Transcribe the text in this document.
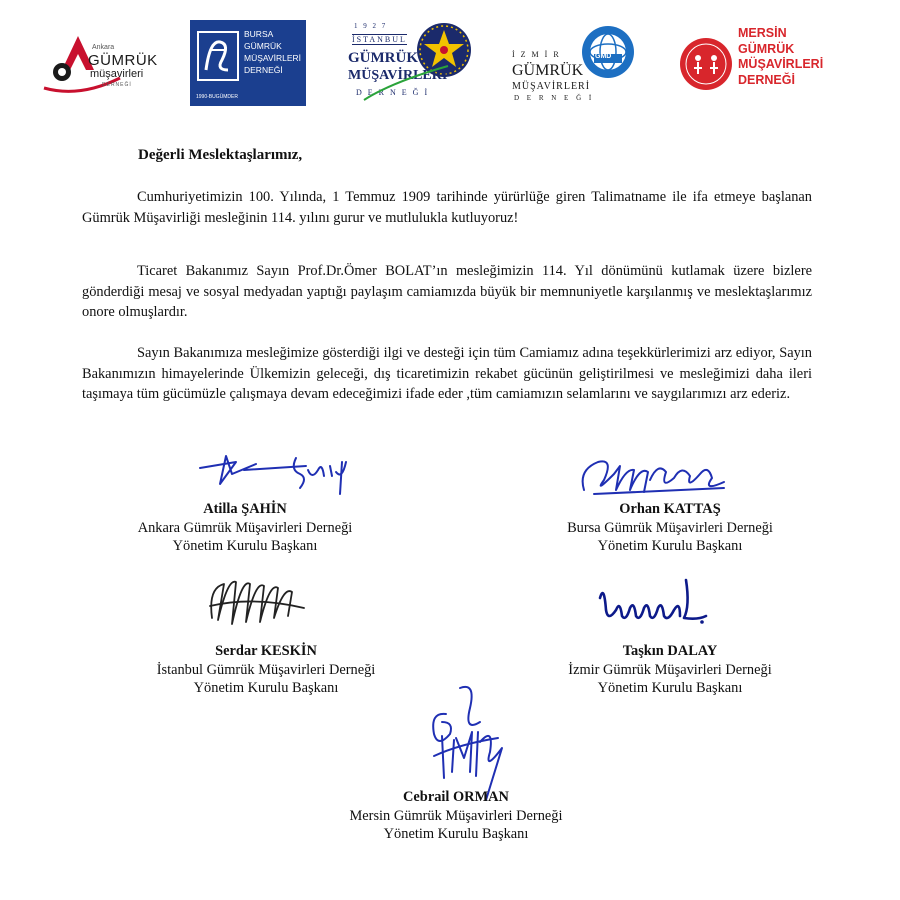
Ankara
GÜMRÜK
müşavirleri
DERNEĞİ
BURSA
GÜMRÜK
MÜŞAVİRLERİ
DERNEĞİ
1990-BUGÜMDER
1 9 2 7
İSTANBUL
GÜMRÜK
MÜŞAVİRLERİ
D E R N E Ğ İ
İ Z M İ R	GMD
GÜMRÜK
MÜŞAVİRLERİ
D E R N E Ğ İ
MERSİN
GÜMRÜK
MÜŞAVİRLERİ
DERNEĞİ
Değerli Meslektaşlarımız,

Cumhuriyetimizin 100. Yılında, 1 Temmuz 1909 tarihinde yürürlüğe giren Talimatname ile ifa etmeye başlanan Gümrük Müşavirliği mesleğinin 114. yılını gurur ve mutlulukla kutluyoruz!

Ticaret Bakanımız Sayın Prof.Dr.Ömer BOLAT’ın mesleğimizin 114. Yıl dönümünü kutlamak üzere bizlere gönderdiği mesaj ve sosyal medyadan yaptığı paylaşım camiamızda büyük bir memnuniyetle karşılanmış ve meslektaşlarımız onore olmuşlardır.

Sayın Bakanımıza mesleğimize gösterdiği ilgi ve desteği için tüm Camiamız adına teşekkürlerimizi arz ediyor, Sayın Bakanımızın himayelerinde Ülkemizin geleceği, dış ticaretimizin rekabet gücünün geliştirilmesi ve mesleğimizi daha ileri taşımaya tüm gücümüzle çalışmaya devam edeceğimizi ifade eder ,tüm camiamızın selamlarını ve saygılarımızı arz ederiz.

Atilla ŞAHİN
Ankara Gümrük Müşavirleri Derneği
Yönetim Kurulu Başkanı
Orhan KATTAŞ
Bursa Gümrük Müşavirleri Derneği
Yönetim Kurulu Başkanı
Serdar KESKİN
İstanbul Gümrük Müşavirleri Derneği
Yönetim Kurulu Başkanı
Taşkın DALAY
İzmir Gümrük Müşavirleri Derneği
Yönetim Kurulu Başkanı
Cebrail ORMAN
Mersin Gümrük Müşavirleri Derneği
Yönetim Kurulu Başkanı
